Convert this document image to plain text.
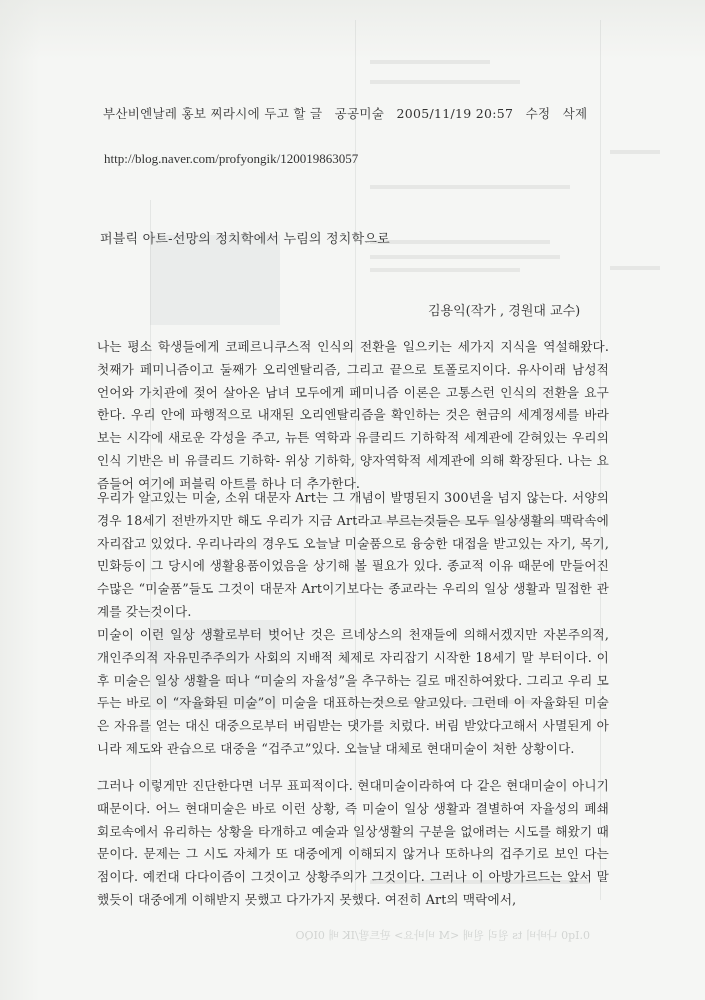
부산비엔날레 홍보 찌라시에 두고 할 글 공공미술 2005/11/19 20:57 수정 삭제
http://blog.naver.com/profyongik/120019863057
퍼블릭 아트-선망의 정치학에서 누림의 정치학으로
김용익(작가 , 경원대 교수)

나는 평소 학생들에게 코페르니쿠스적 인식의 전환을 일으키는 세가지 지식을 역설해왔다. 첫째가 페미니즘이고 둘째가 오리엔탈리즘, 그리고 끝으로 토폴로지이다. 유사이래 남성적 언어와 가치관에 젖어 살아온 남녀 모두에게 페미니즘 이론은 고통스런 인식의 전환을 요구한다. 우리 안에 파행적으로 내재된 오리엔탈리즘을 확인하는 것은 현금의 세계정세를 바라보는 시각에 새로운 각성을 주고, 뉴튼 역학과 유클리드 기하학적 세계관에 갇혀있는 우리의 인식 기반은 비 유클리드 기하학- 위상 기하학, 양자역학적 세계관에 의해 확장된다. 나는 요즘들어 여기에 퍼블릭 아트를 하나 더 추가한다.

우리가 알고있는 미술, 소위 대문자 Art는 그 개념이 발명된지 300년을 넘지 않는다. 서양의 경우 18세기 전반까지만 해도 우리가 지금 Art라고 부르는것들은 모두 일상생활의 맥락속에 자리잡고 있었다. 우리나라의 경우도 오늘날 미술품으로 융숭한 대접을 받고있는 자기, 목기, 민화등이 그 당시에 생활용품이었음을 상기해 볼 필요가 있다. 종교적 이유 때문에 만들어진 수많은 “미술품”들도 그것이 대문자 Art이기보다는 종교라는 우리의 일상 생활과 밀접한 관계를 갖는것이다.

미술이 이런 일상 생활로부터 벗어난 것은 르네상스의 천재들에 의해서겠지만 자본주의적, 개인주의적 자유민주주의가 사회의 지배적 체제로 자리잡기 시작한 18세기 말 부터이다. 이후 미술은 일상 생활을 떠나 “미술의 자율성”을 추구하는 길로 매진하여왔다. 그리고 우리 모두는 바로 이 “자율화된 미술”이 미술을 대표하는것으로 알고있다. 그런데 이 자율화된 미술은 자유를 얻는 대신 대중으로부터 버림받는 댓가를 치렀다. 버림 받았다고해서 사멸된게 아니라 제도와 관습으로 대중을 “겁주고”있다. 오늘날 대체로 현대미술이 처한 상황이다.

그러나 이렇게만 진단한다면 너무 표피적이다. 현대미술이라하여 다 같은 현대미술이 아니기 때문이다. 어느 현대미술은 바로 이런 상황, 즉 미술이 일상 생활과 결별하여 자율성의 폐쇄 회로속에서 유리하는 상황을 타개하고 예술과 일상생활의 구분을 없애려는 시도를 해왔기 때문이다. 문제는 그 시도 자체가 또 대중에게 이해되지 않거나 또하나의 겁주기로 보인 다는 점이다. 예컨대 다다이즘이 그것이고 상황주의가 그것이다. 그러나 이 아방가르드는 앞서 말했듯이 대중에게 이해받지 못했고 다가가지 못했다. 여전히 Art의 맥락에서,

0.Iq0 나바비 ts 원리 원배 <M 비바요> 판트팔/IK 배 0IQO
